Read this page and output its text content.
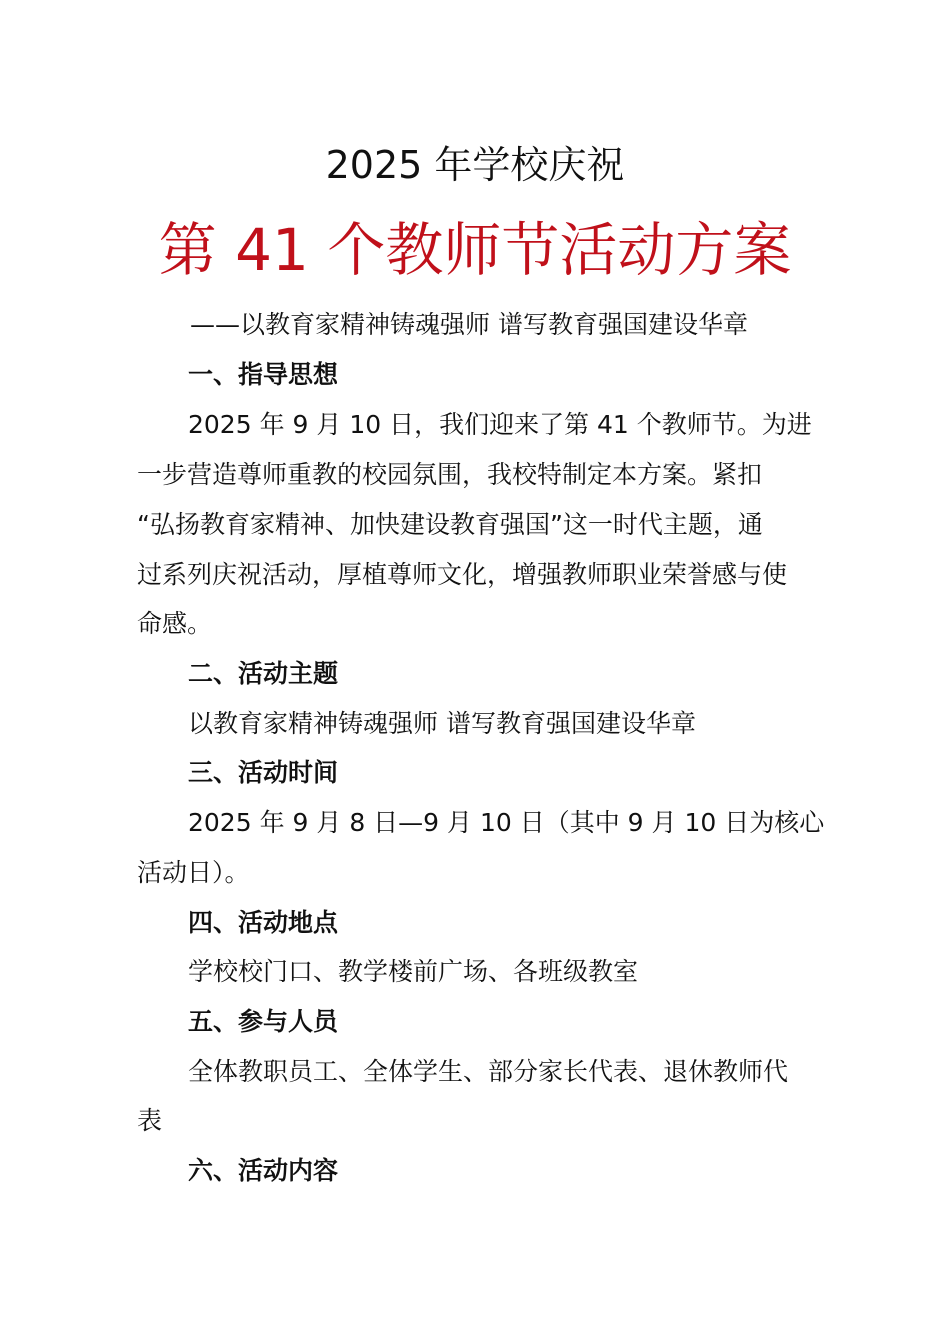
2025 年学校庆祝
第 41 个教师节活动方案
——以教育家精神铸魂强师 谱写教育强国建设华章
一、指导思想
2025 年 9 月 10 日，我们迎来了第 41 个教师节。为进
一步营造尊师重教的校园氛围，我校特制定本方案。紧扣
“弘扬教育家精神、加快建设教育强国”这一时代主题，通
过系列庆祝活动，厚植尊师文化，增强教师职业荣誉感与使
命感。
二、活动主题
以教育家精神铸魂强师 谱写教育强国建设华章
三、活动时间
2025 年 9 月 8 日—9 月 10 日（其中 9 月 10 日为核心
活动日）。
四、活动地点
学校校门口、教学楼前广场、各班级教室
五、参与人员
全体教职员工、全体学生、部分家长代表、退休教师代
表
六、活动内容
